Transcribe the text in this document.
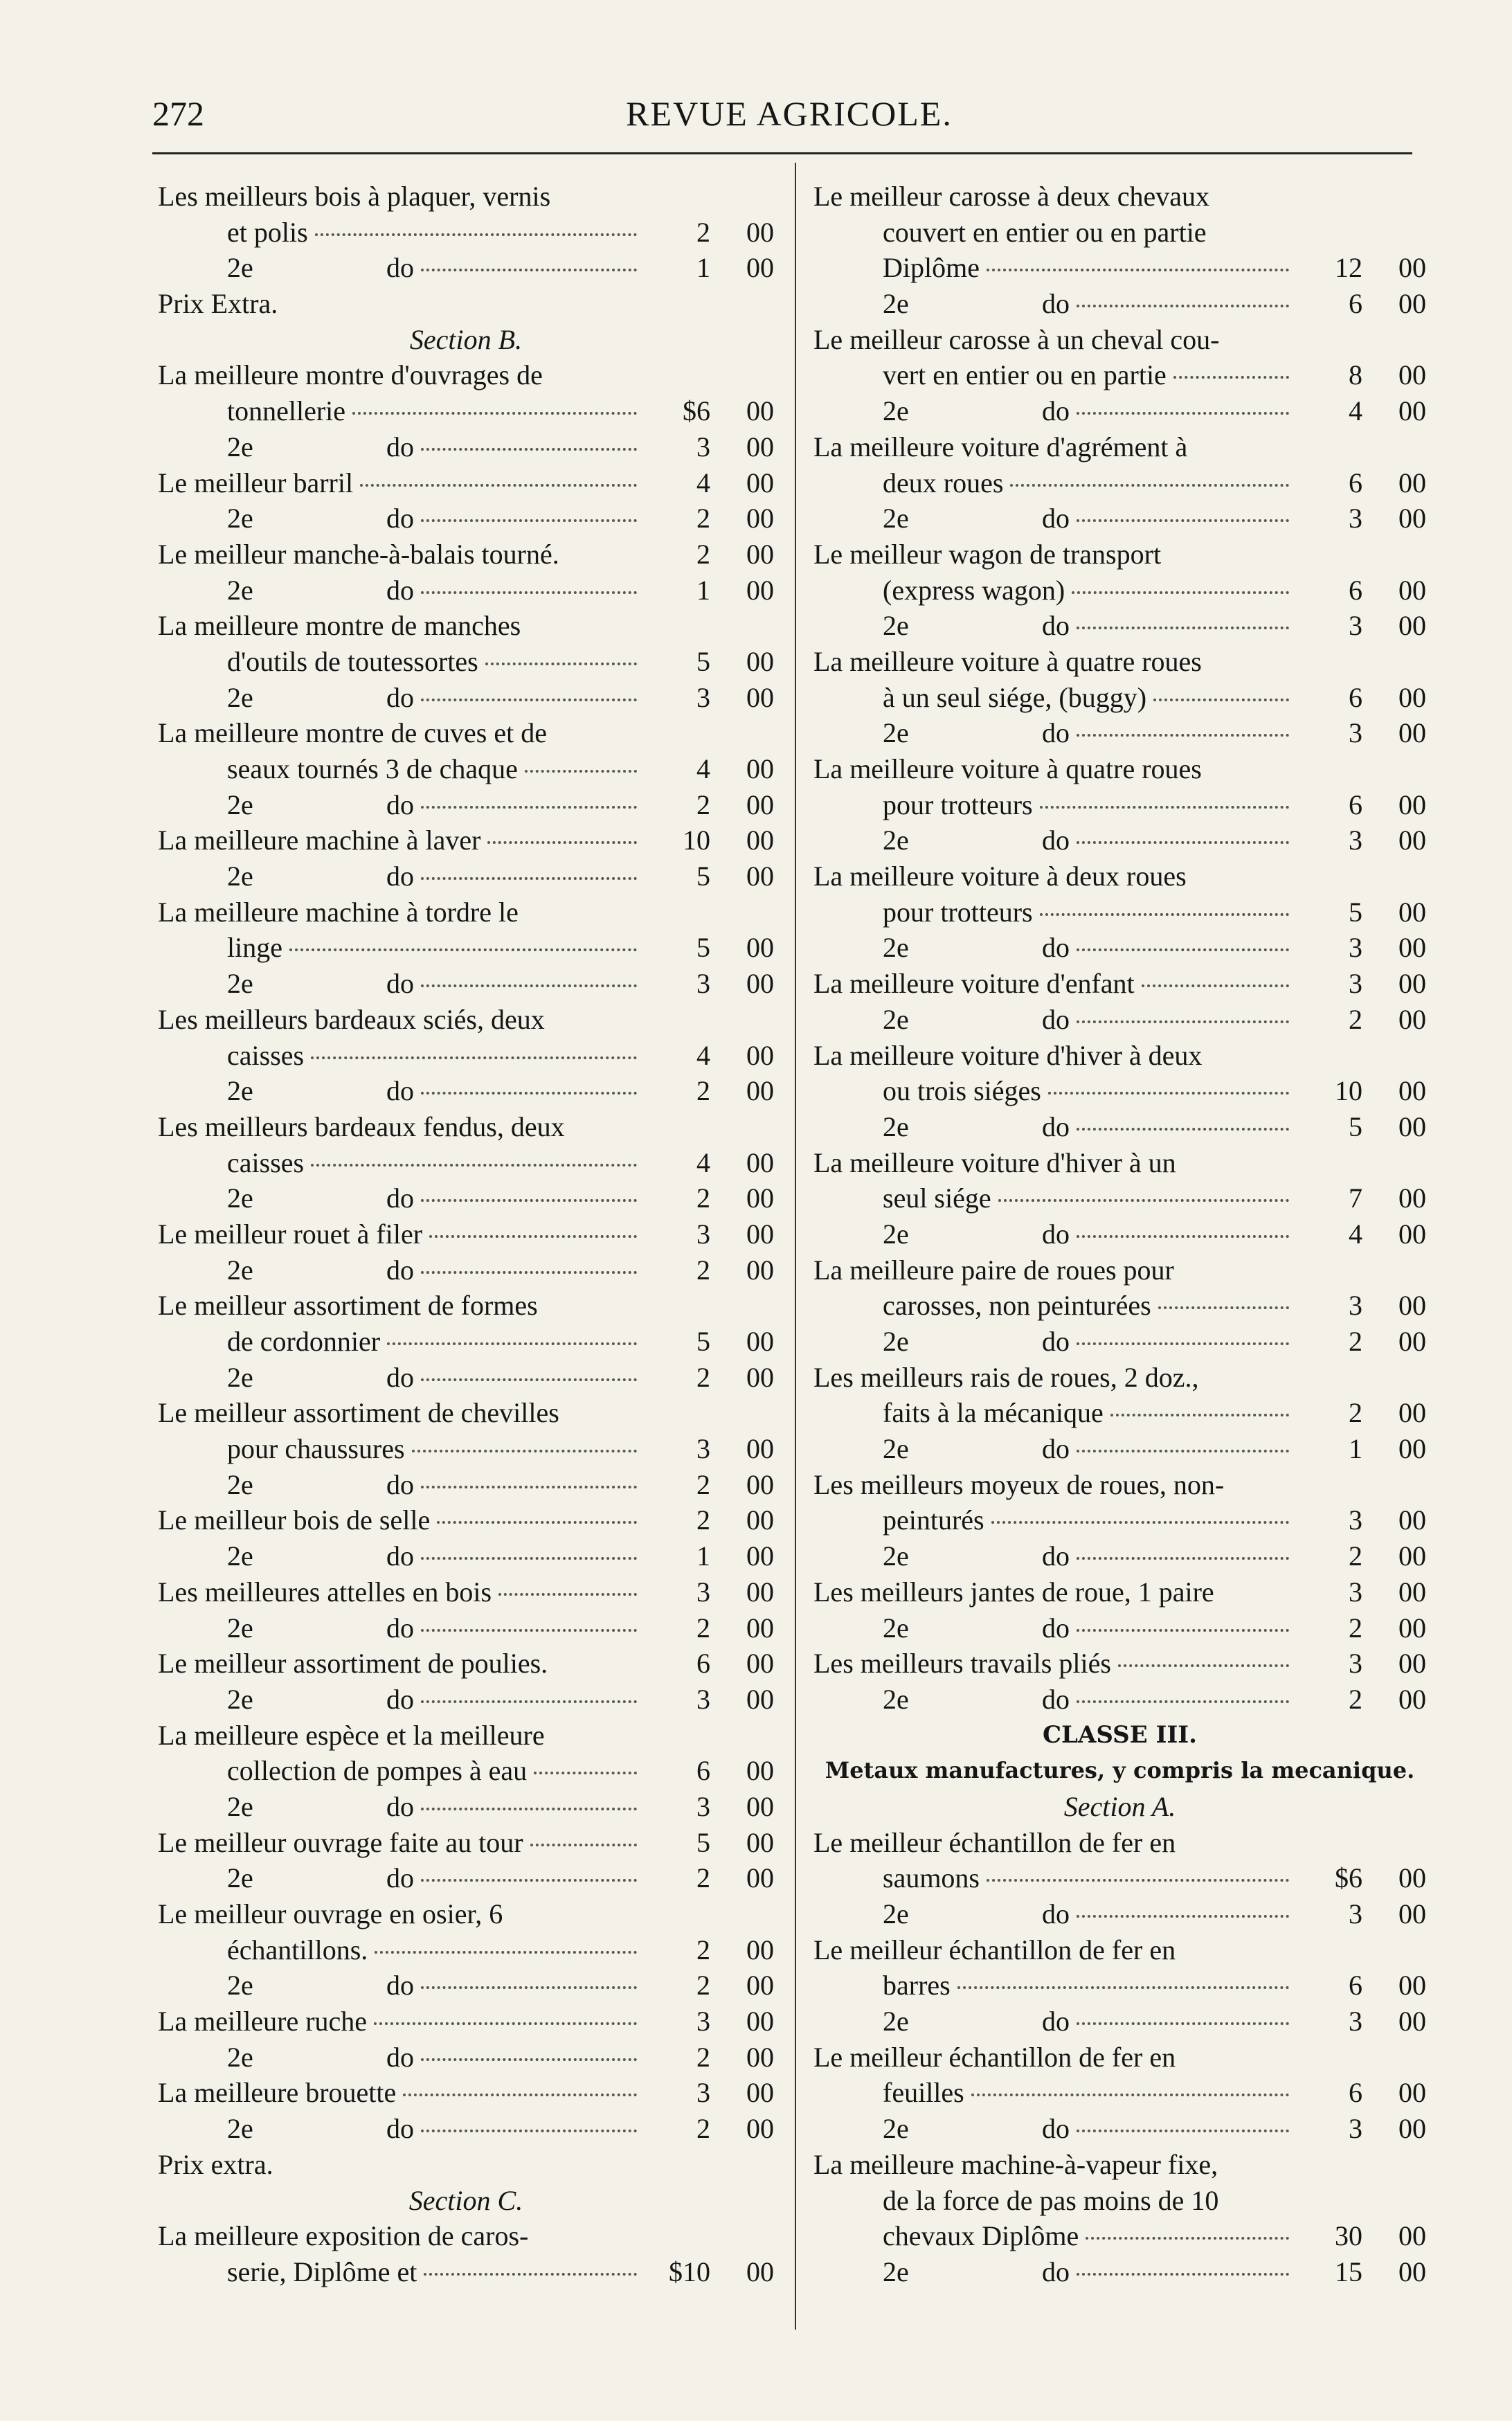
272	REVUE AGRICOLE.
Les meilleurs bois à plaquer, vernis
et polis	2	00
2e	do	1	00
Prix Extra.
Section B.
La meilleure montre d'ouvrages de
tonnellerie	$6	00
2e	do	3	00
Le meilleur barril	4	00
2e	do	2	00
Le meilleur manche-à-balais tourné.	2	00
2e	do	1	00
La meilleure montre de manches
d'outils de toutessortes	5	00
2e	do	3	00
La meilleure montre de cuves et de
seaux tournés 3 de chaque	4	00
2e	do	2	00
La meilleure machine à laver	10	00
2e	do	5	00
La meilleure machine à tordre le
linge	5	00
2e	do	3	00
Les meilleurs bardeaux sciés, deux
caisses	4	00
2e	do	2	00
Les meilleurs bardeaux fendus, deux
caisses	4	00
2e	do	2	00
Le meilleur rouet à filer	3	00
2e	do	2	00
Le meilleur assortiment de formes
de cordonnier	5	00
2e	do	2	00
Le meilleur assortiment de chevilles
pour chaussures	3	00
2e	do	2	00
Le meilleur bois de selle	2	00
2e	do	1	00
Les meilleures attelles en bois	3	00
2e	do	2	00
Le meilleur assortiment de poulies.	6	00
2e	do	3	00
La meilleure espèce et la meilleure
collection de pompes à eau	6	00
2e	do	3	00
Le meilleur ouvrage faite au tour	5	00
2e	do	2	00
Le meilleur ouvrage en osier, 6
échantillons.	2	00
2e	do	2	00
La meilleure ruche	3	00
2e	do	2	00
La meilleure brouette	3	00
2e	do	2	00
Prix extra.
Section C.
La meilleure exposition de caros-
serie, Diplôme et	$10	00
Le meilleur carosse à deux chevaux
couvert en entier ou en partie
Diplôme	12	00
2e	do	6	00
Le meilleur carosse à un cheval cou-
vert en entier ou en partie	8	00
2e	do	4	00
La meilleure voiture d'agrément à
deux roues	6	00
2e	do	3	00
Le meilleur wagon de transport
(express wagon)	6	00
2e	do	3	00
La meilleure voiture à quatre roues
à un seul siége, (buggy)	6	00
2e	do	3	00
La meilleure voiture à quatre roues
pour trotteurs	6	00
2e	do	3	00
La meilleure voiture à deux roues
pour trotteurs	5	00
2e	do	3	00
La meilleure voiture d'enfant	3	00
2e	do	2	00
La meilleure voiture d'hiver à deux
ou trois siéges	10	00
2e	do	5	00
La meilleure voiture d'hiver à un
seul siége	7	00
2e	do	4	00
La meilleure paire de roues pour
carosses, non peinturées	3	00
2e	do	2	00
Les meilleurs rais de roues, 2 doz.,
faits à la mécanique	2	00
2e	do	1	00
Les meilleurs moyeux de roues, non-
peinturés	3	00
2e	do	2	00
Les meilleurs jantes de roue, 1 paire	3	00
2e	do	2	00
Les meilleurs travails pliés	3	00
2e	do	2	00
CLASSE III.
Metaux manufactures, y compris la mecanique.
Section A.
Le meilleur échantillon de fer en
saumons	$6	00
2e	do	3	00
Le meilleur échantillon de fer en
barres	6	00
2e	do	3	00
Le meilleur échantillon de fer en
feuilles	6	00
2e	do	3	00
La meilleure machine-à-vapeur fixe,
de la force de pas moins de 10
chevaux Diplôme	30	00
2e	do	15	00
